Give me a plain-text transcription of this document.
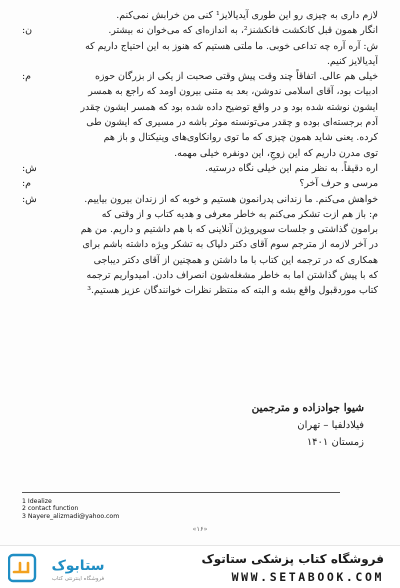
لازم داری به چیزی رو این طوری آیدیالایز¹ کنی من خرابش نمی‌کنم.
ن:	انگار همون قبل کانکشت فانکشنز²، به اندازه‌ای که می‌خوان نه بیشتر.
ش: آره آره چه تداعی خوبی. ما ملتی هستیم که هنوز به این احتیاج داریم که
آیدیالایز کنیم.
م:	خیلی هم عالی. اتفاقاً چند وقت پیش وقتی صحبت از یکی از بزرگان حوزه
ادبیات بود، آقای اسلامی ندوشن، بعد به متنی بیرون اومد که راجع به همسر
ایشون نوشته شده بود و در واقع توضیح داده شده بود که همسر ایشون چقدر
آدم برجسته‌ای بوده و چقدر می‌تونسته موثر باشه در مسیری که ایشون طی
کرده. یعنی شاید همون چیزی که ما توی روانکاوی‌های وینیکتال و باز هم
توی مدرن داریم که این زوجِ، این دونفره خیلی مهمه.
ش:	اره دقیقاً. به نظر منم این خیلی نگاه درستیه.
م:	مرسی و حرف آخر؟
ش:	خواهش می‌کنم. ما زندانی پدرانمون هستیم و خوبه که از زندان بیرون بیاییم.
م: باز هم ازت تشکر می‌کنم به خاطر معرفی و هدیه کتاب و از وقتی که
برامون گذاشتی و جلسات سوپرویژن آنلاینی که با هم داشتیم و داریم. من هم
در آخر لازمه از مترجم سوم آقای دکتر دلپاک به تشکر ویژه داشته باشم برای
همکاری که در ترجمه این کتاب با ما داشتن و همچنین از آقای دکتر دیباجی
که با پیش گذاشتن اما به خاطر مشغله‌شون انصراف دادن. امیدواریم ترجمه
کتاب موردقبول واقع بشه و البته که منتظر نظرات خوانندگان عزیز هستیم.³
شیوا جوادزاده و مترجمین
فیلادلفیا – تهران
زمستان ۱۴۰۱
1 Idealize
2 contact function
3 Nayere_alizmadi@yahoo.com
«۱۶»
ستابوک
فروشگاه اینترنتی کتاب
فروشگاه کتاب پزشکی ستاتوک
WWW.SETABOOK.COM
